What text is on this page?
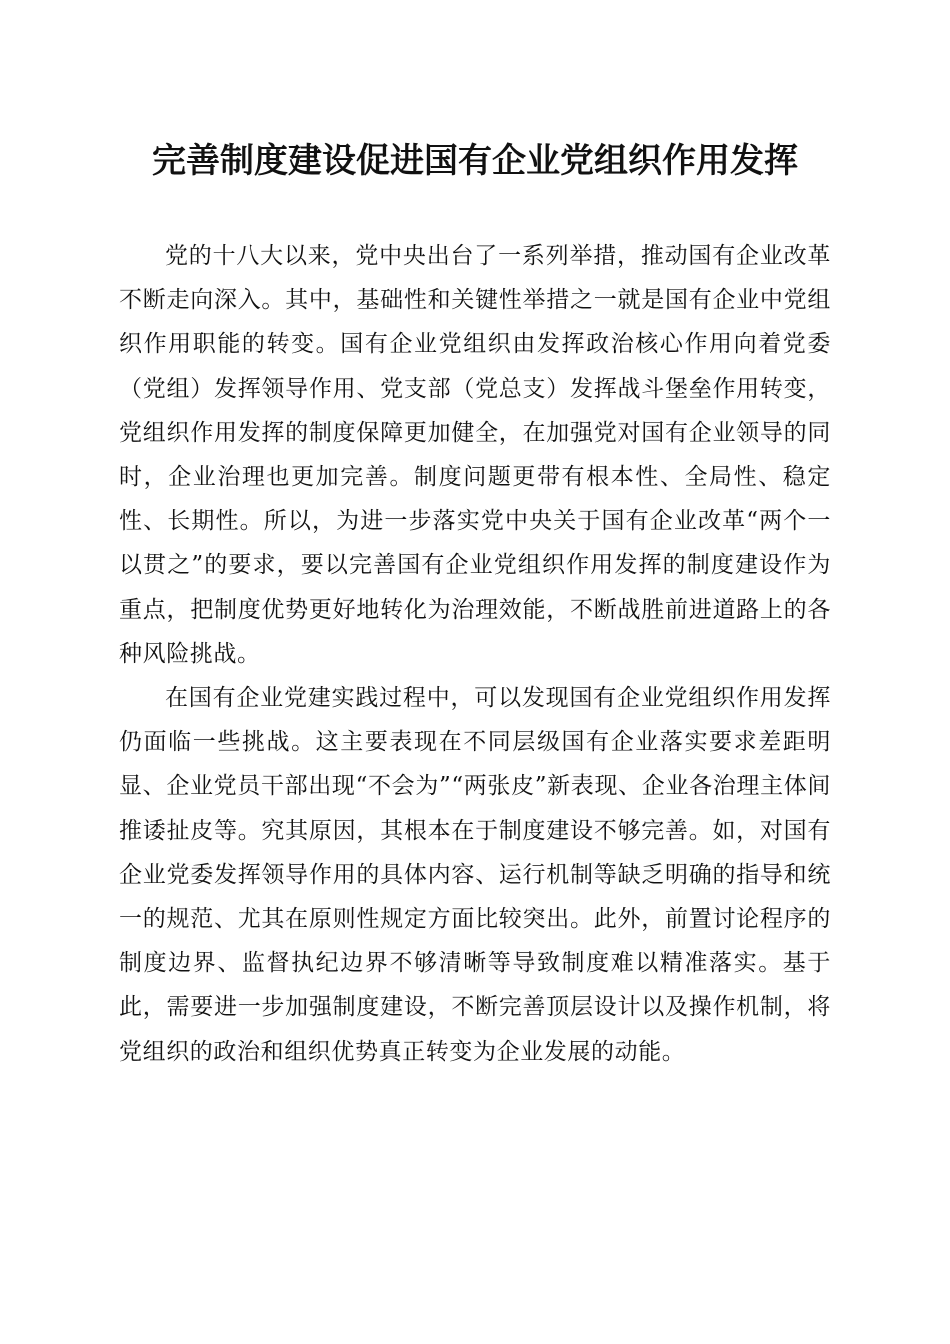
完善制度建设促进国有企业党组织作用发挥

党的十八大以来，党中央出台了一系列举措，推动国有企业改革不断走向深入。其中，基础性和关键性举措之一就是国有企业中党组织作用职能的转变。国有企业党组织由发挥政治核心作用向着党委（党组）发挥领导作用、党支部（党总支）发挥战斗堡垒作用转变，党组织作用发挥的制度保障更加健全，在加强党对国有企业领导的同时，企业治理也更加完善。制度问题更带有根本性、全局性、稳定性、长期性。所以，为进一步落实党中央关于国有企业改革“两个一以贯之”的要求，要以完善国有企业党组织作用发挥的制度建设作为重点，把制度优势更好地转化为治理效能，不断战胜前进道路上的各种风险挑战。

在国有企业党建实践过程中，可以发现国有企业党组织作用发挥仍面临一些挑战。这主要表现在不同层级国有企业落实要求差距明显、企业党员干部出现“不会为”“两张皮”新表现、企业各治理主体间推诿扯皮等。究其原因，其根本在于制度建设不够完善。如，对国有企业党委发挥领导作用的具体内容、运行机制等缺乏明确的指导和统一的规范、尤其在原则性规定方面比较突出。此外，前置讨论程序的制度边界、监督执纪边界不够清晰等导致制度难以精准落实。基于此，需要进一步加强制度建设，不断完善顶层设计以及操作机制，将党组织的政治和组织优势真正转变为企业发展的动能。
